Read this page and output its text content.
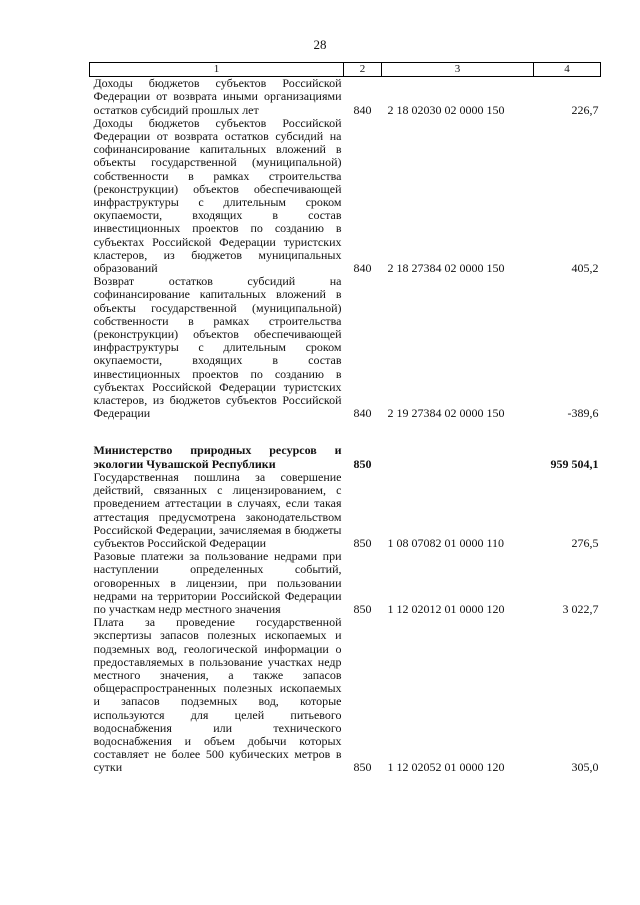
28
1	2	3	4
Доходы бюджетов субъектов Российской Федерации от возврата иными организациями остатков субсидий прошлых лет	840	2 18 02030 02 0000 150	226,7
Доходы бюджетов субъектов Российской Федерации от возврата остатков субсидий на софинансирование капитальных вложений в объекты государственной (муниципальной) собственности в рамках строительства (реконструкции) объектов обеспечивающей инфраструктуры с длительным сроком окупаемости, входящих в состав инвестиционных проектов по созданию в субъектах Российской Федерации туристских кластеров, из бюджетов муниципальных образований	840	2 18 27384 02 0000 150	405,2
Возврат остатков субсидий на софинансирование капитальных вложений в объекты государственной (муниципальной) собственности в рамках строительства (реконструкции) объектов обеспечивающей инфраструктуры с длительным сроком окупаемости, входящих в состав инвестиционных проектов по созданию в субъектах Российской Федерации туристских кластеров, из бюджетов субъектов Российской Федерации	840	2 19 27384 02 0000 150	-389,6

Министерство природных ресурсов и экологии Чувашской Республики	850		959 504,1
Государственная пошлина за совершение действий, связанных с лицензированием, с проведением аттестации в случаях, если такая аттестация предусмотрена законодательством Российской Федерации, зачисляемая в бюджеты субъектов Российской Федерации	850	1 08 07082 01 0000 110	276,5
Разовые платежи за пользование недрами при наступлении определенных событий, оговоренных в лицензии, при пользовании недрами на территории Российской Федерации по участкам недр местного значения	850	1 12 02012 01 0000 120	3 022,7
Плата за проведение государственной экспертизы запасов полезных ископаемых и подземных вод, геологической информации о предоставляемых в пользование участках недр местного значения, а также запасов общераспространенных полезных ископаемых и запасов подземных вод, которые используются для целей питьевого водоснабжения или технического водоснабжения и объем добычи которых составляет не более 500 кубических метров в сутки	850	1 12 02052 01 0000 120	305,0
